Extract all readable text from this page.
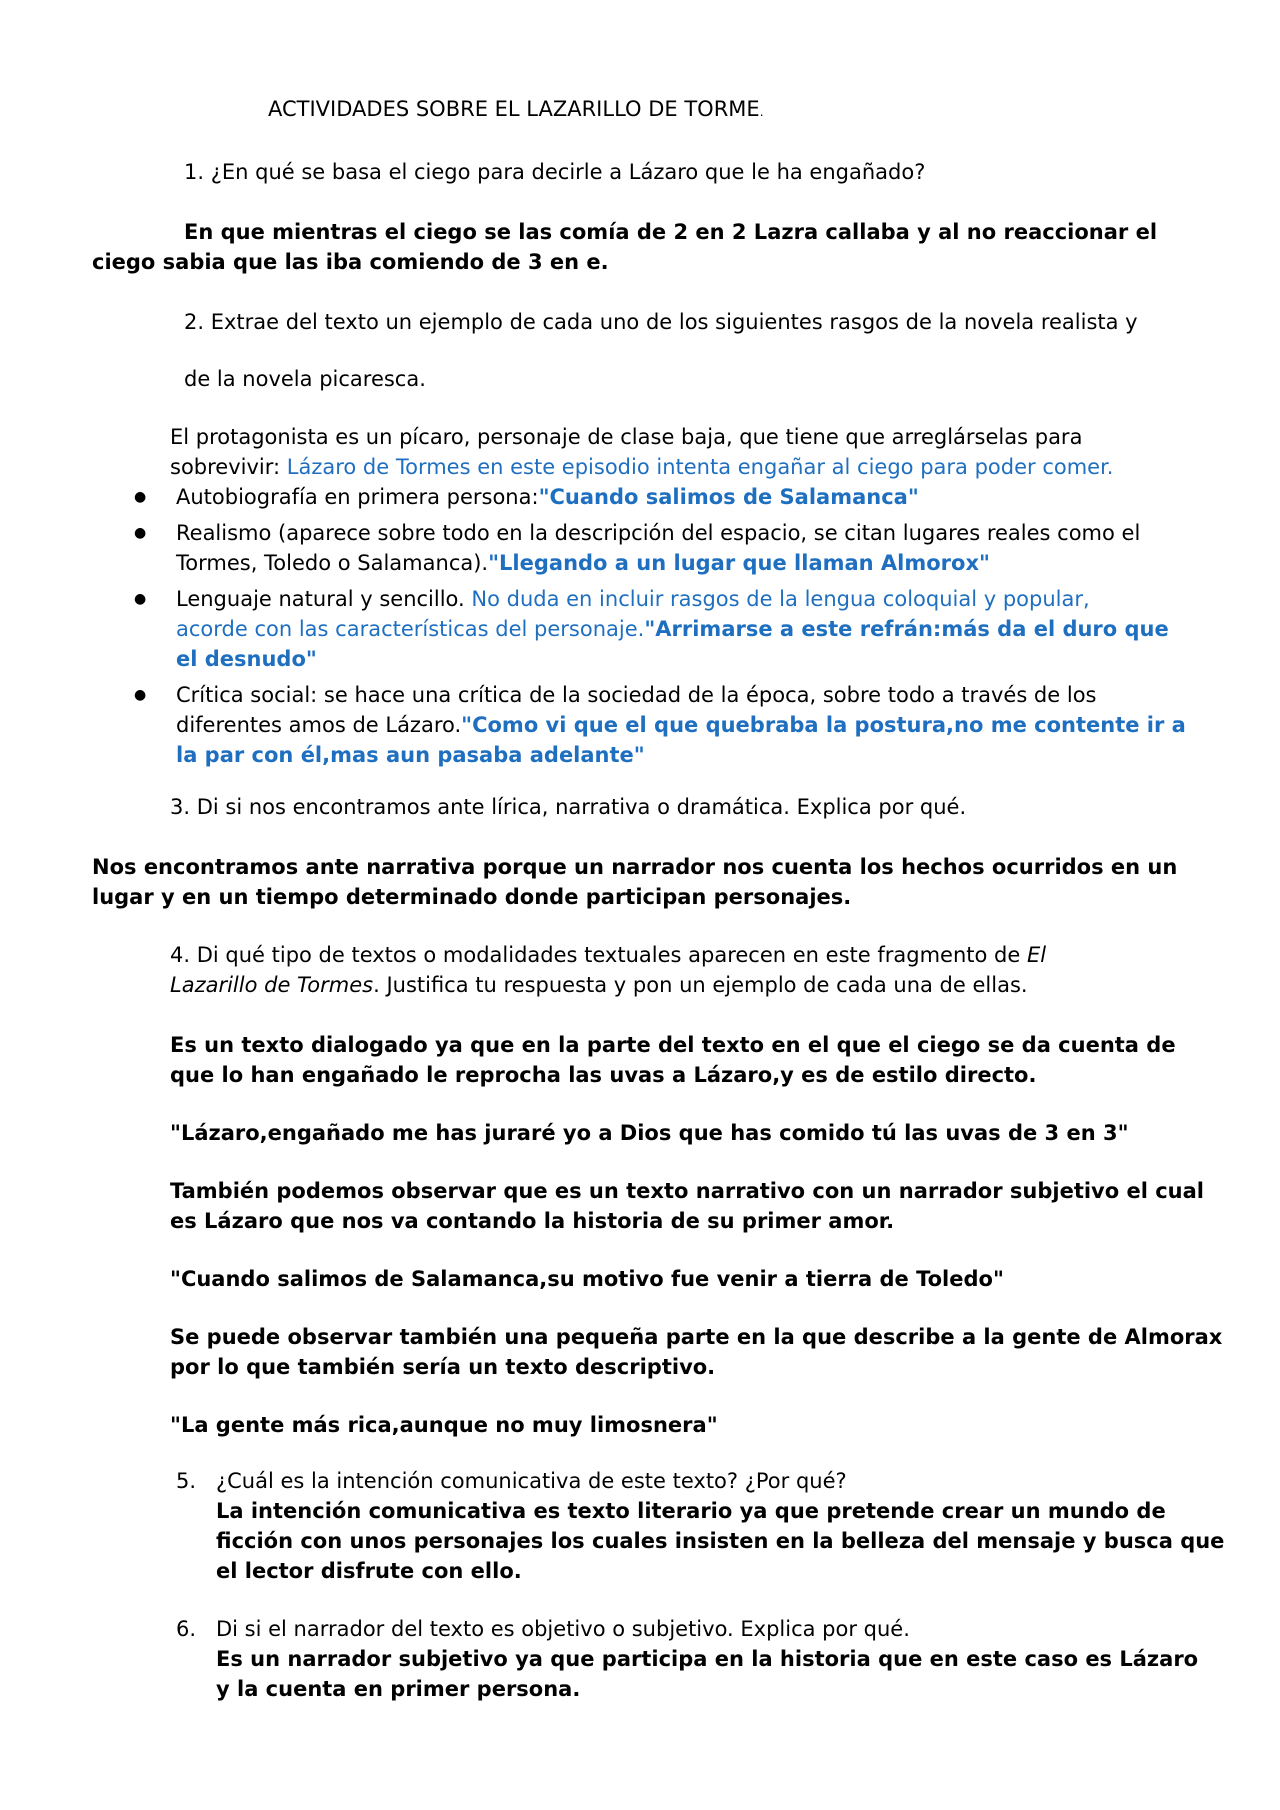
ACTIVIDADES SOBRE EL LAZARILLO DE TORME.
1. ¿En qué se basa el ciego para decirle a Lázaro que le ha engañado?
En que mientras el ciego se las comía de 2 en 2 Lazra callaba y al no reaccionar el
ciego sabia que las iba comiendo de 3 en e.
2. Extrae del texto un ejemplo de cada uno de los siguientes rasgos de la novela realista y
de la novela picaresca.
El protagonista es un pícaro, personaje de clase baja, que tiene que arreglárselas para
sobrevivir: Lázaro de Tormes en este episodio intenta engañar al ciego para poder comer.
● Autobiografía en primera persona:"Cuando salimos de Salamanca"
● Realismo (aparece sobre todo en la descripción del espacio, se citan lugares reales como el
Tormes, Toledo o Salamanca)."Llegando a un lugar que llaman Almorox"
● Lenguaje natural y sencillo. No duda en incluir rasgos de la lengua coloquial y popular,
acorde con las características del personaje."Arrimarse a este refrán:más da el duro que
el desnudo"
● Crítica social: se hace una crítica de la sociedad de la época, sobre todo a través de los
diferentes amos de Lázaro."Como vi que el que quebraba la postura,no me contente ir a
la par con él,mas aun pasaba adelante"
3. Di si nos encontramos ante lírica, narrativa o dramática. Explica por qué.
Nos encontramos ante narrativa porque un narrador nos cuenta los hechos ocurridos en un
lugar y en un tiempo determinado donde participan personajes.
4. Di qué tipo de textos o modalidades textuales aparecen en este fragmento de El
Lazarillo de Tormes. Justifica tu respuesta y pon un ejemplo de cada una de ellas.
Es un texto dialogado ya que en la parte del texto en el que el ciego se da cuenta de
que lo han engañado le reprocha las uvas a Lázaro,y es de estilo directo.
"Lázaro,engañado me has juraré yo a Dios que has comido tú las uvas de 3 en 3"
También podemos observar que es un texto narrativo con un narrador subjetivo el cual
es Lázaro que nos va contando la historia de su primer amor.
"Cuando salimos de Salamanca,su motivo fue venir a tierra de Toledo"
Se puede observar también una pequeña parte en la que describe a la gente de Almorax
por lo que también sería un texto descriptivo.
"La gente más rica,aunque no muy limosnera"
5. ¿Cuál es la intención comunicativa de este texto? ¿Por qué?
La intención comunicativa es texto literario ya que pretende crear un mundo de
ficción con unos personajes los cuales insisten en la belleza del mensaje y busca que
el lector disfrute con ello.
6. Di si el narrador del texto es objetivo o subjetivo. Explica por qué.
Es un narrador subjetivo ya que participa en la historia que en este caso es Lázaro
y la cuenta en primer persona.
